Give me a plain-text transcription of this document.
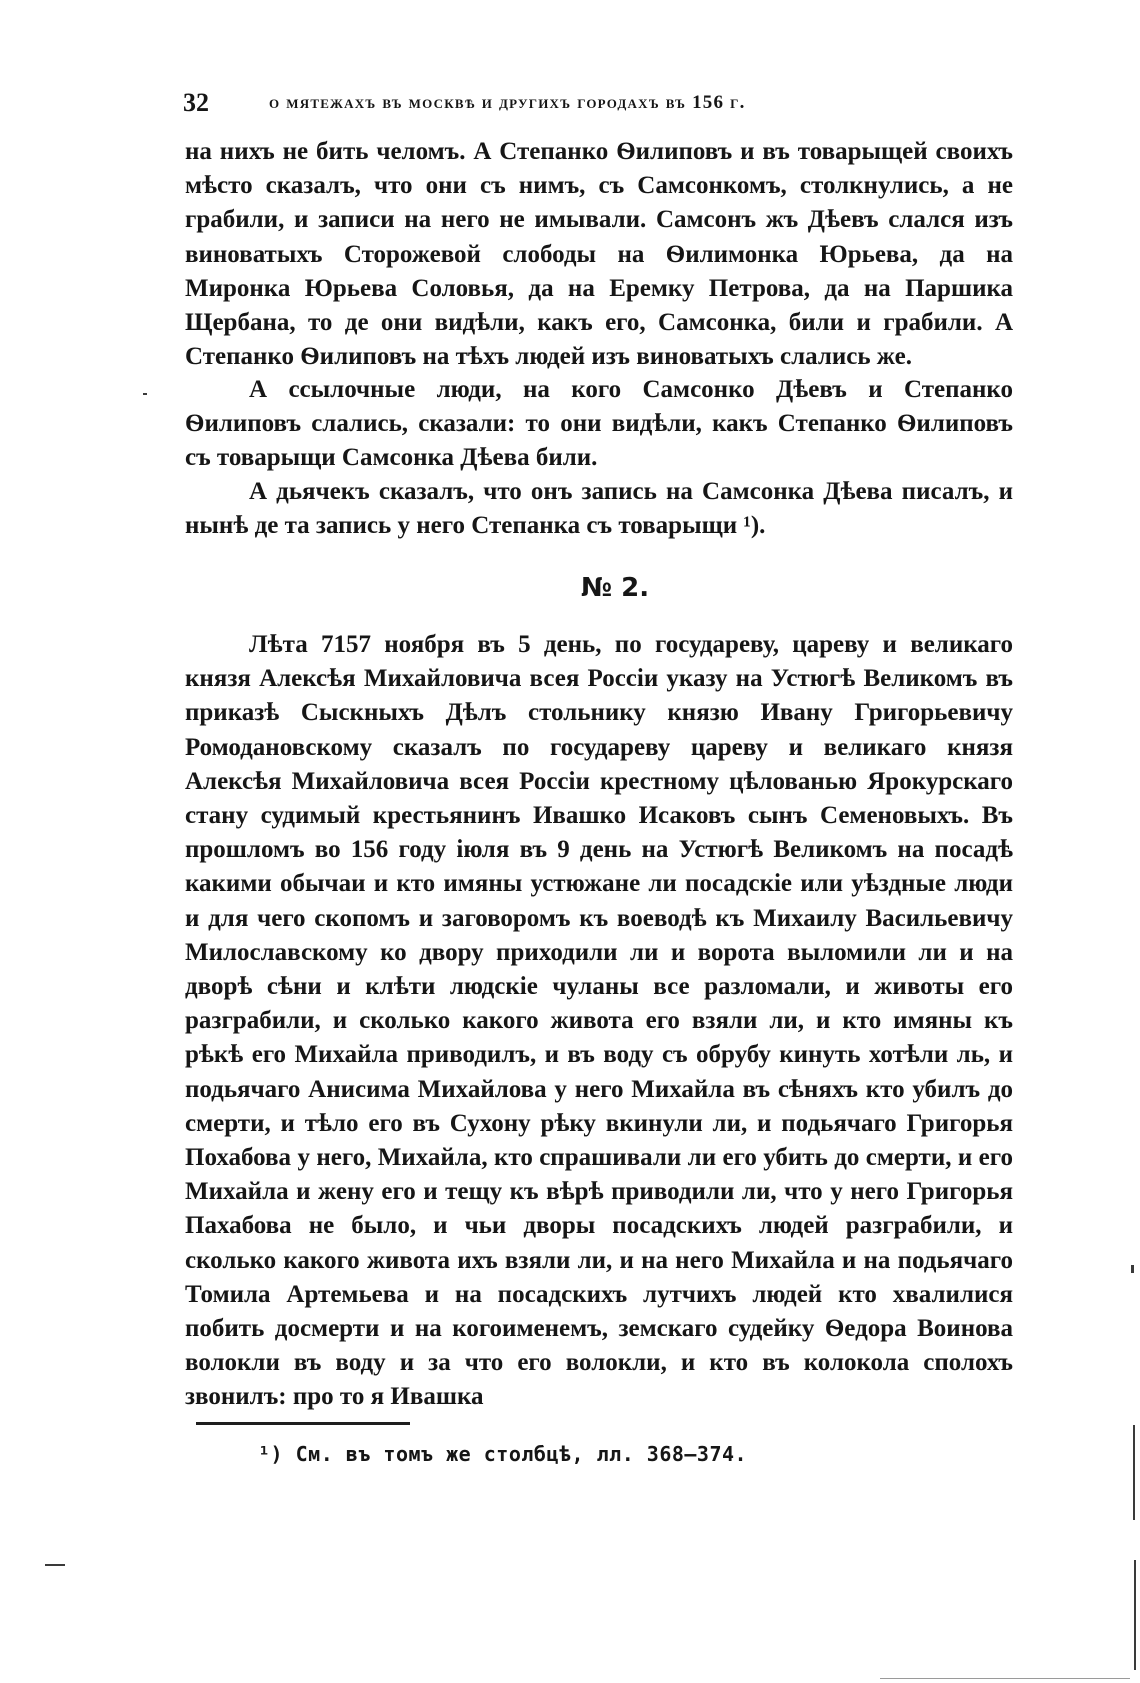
32	о мятежахъ въ москвѣ и другихъ городахъ въ 156 г.

на нихъ не бить челомъ. А Степанко Ѳилиповъ и въ товарыщей своихъ мѣсто сказалъ, что они съ нимъ, съ Самсонкомъ, столкнулись, а не грабили, и записи на него не имывали. Самсонъ жъ Дѣевъ слался изъ виноватыхъ Сторожевой слободы на Ѳилимонка Юрьева, да на Миронка Юрьева Соловья, да на Еремку Петрова, да на Паршика Щербана, то де они видѣли, какъ его, Самсонка, били и грабили. А Степанко Ѳилиповъ на тѣхъ людей изъ виноватыхъ слались же.

А ссылочные люди, на кого Самсонко Дѣевъ и Степанко Ѳилиповъ слались, сказали: то они видѣли, какъ Степанко Ѳилиповъ съ товарыщи Самсонка Дѣева били.

А дьячекъ сказалъ, что онъ запись на Самсонка Дѣева писалъ, и нынѣ де та запись у него Степанка съ товарыщи ¹).

№ 2.

Лѣта 7157 ноября въ 5 день, по государеву, цареву и великаго князя Алексѣя Михайловича всея Россіи указу на Устюгѣ Великомъ въ приказѣ Сыскныхъ Дѣлъ стольнику князю Ивану Григорьевичу Ромодановскому сказалъ по государеву цареву и великаго князя Алексѣя Михайловича всея Россіи крестному цѣлованью Ярокурскаго стану судимый крестьянинъ Ивашко Исаковъ сынъ Семеновыхъ. Въ прошломъ во 156 году іюля въ 9 день на Устюгѣ Великомъ на посадѣ какими обычаи и кто имяны устюжане ли посадскіе или уѣздные люди и для чего скопомъ и заговоромъ къ воеводѣ къ Михаилу Васильевичу Милославскому ко двору приходили ли и ворота выломили ли и на дворѣ сѣни и клѣти людскіе чуланы все разломали, и животы его разграбили, и сколько какого живота его взяли ли, и кто имяны къ рѣкѣ его Михайла приводилъ, и въ воду съ обрубу кинуть хотѣли ль, и подьячаго Анисима Михайлова у него Михайла въ сѣняхъ кто убилъ до смерти, и тѣло его въ Сухону рѣку вкинули ли, и подьячаго Григорья Похабова у него, Михайла, кто спрашивали ли его убить до смерти, и его Михайла и жену его и тещу къ вѣрѣ приводили ли, что у него Григорья Пахабова не было, и чьи дворы посадскихъ людей разграбили, и сколько какого живота ихъ взяли ли, и на него Михайла и на подьячаго Томила Артемьева и на посадскихъ лутчихъ людей кто хвалилися побить досмерти и на когоименемъ, земскаго судейку Ѳедора Воинова волокли въ воду и за что его волокли, и кто въ колокола сполохъ звонилъ: про то я Ивашка

¹) См. въ томъ же столбцѣ, лл. 368—374.
